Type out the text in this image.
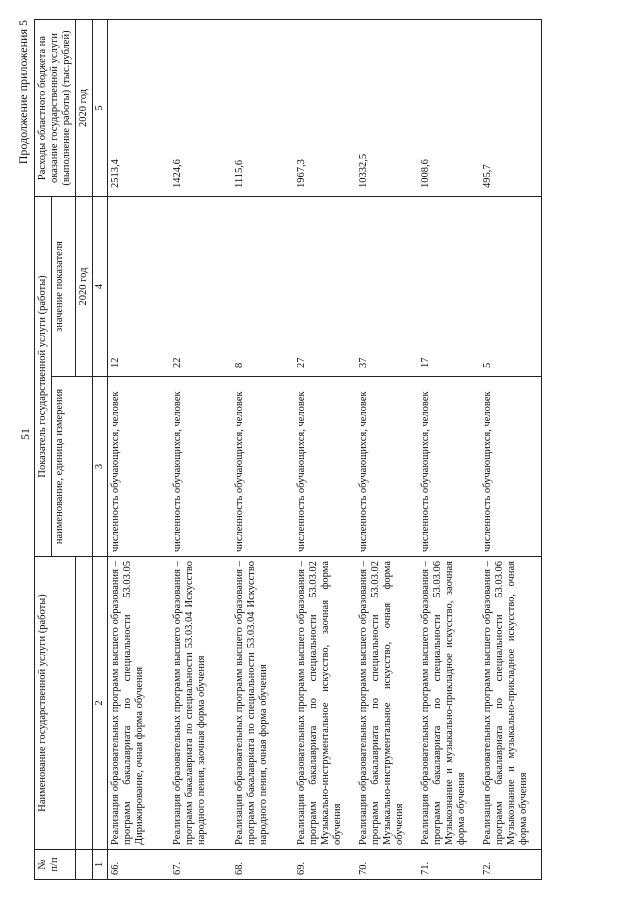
51
Продолжение приложения 5
№ п/п	Наименование государственной услуги (работы)	Показатель государственной услуги (работы)		Расходы областного бюджета на оказание государственной услуги (выполнение работы) (тыс.рублей)
		наименование, единица измерения	значение показателя	
			2020 год	2020 год
1	2	3	4	5
66.	Реализация образовательных программ высшего образования – программ бакалавриата по специальности 53.03.05 Дирижирование, очная форма обучения	численность обучающихся, человек	12	2513,4
67.	Реализация образовательных программ высшего образования – программ бакалавриата по специальности 53.03.04 Искусство народного пения, заочная форма обучения	численность обучающихся, человек	22	1424,6
68.	Реализация образовательных программ высшего образования – программ бакалавриата по специальности 53.03.04 Искусство народного пения, очная форма обучения	численность обучающихся, человек	8	1115,6
69.	Реализация образовательных программ высшего образования – программ бакалавриата по специальности 53.03.02 Музыкально-инструментальное искусство, заочная форма обучения	численность обучающихся, человек	27	1967,3
70.	Реализация образовательных программ высшего образования – программ бакалавриата по специальности 53.03.02 Музыкально-инструментальное искусство, очная форма обучения	численность обучающихся, человек	37	10332,5
71.	Реализация образовательных программ высшего образования – программ бакалавриата по специальности 53.03.06 Музыкознание и музыкально-прикладное искусство, заочная форма обучения	численность обучающихся, человек	17	1008,6
72.	Реализация образовательных программ высшего образования – программ бакалавриата по специальности 53.03.06 Музыкознание и музыкально-прикладное искусство, очная форма обучения	численность обучающихся, человек	5	495,7
